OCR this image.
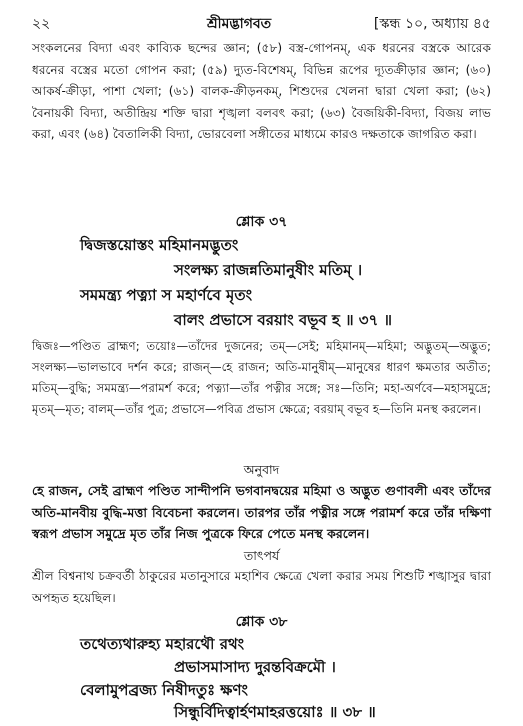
২২	শ্রীমদ্ভাগবত	[স্কন্ধ ১০, অধ্যায় ৪৫

সংকলনের বিদ্যা এবং কাব্যিক ছন্দের জ্ঞান; (৫৮) বস্ত্র-গোপনম্, এক ধরনের বস্ত্রকে আরেক ধরনের বস্ত্রের মতো গোপন করা; (৫৯) দ্যুত-বিশেষম্, বিভিন্ন রূপের দ্যূতক্রীড়ার জ্ঞান; (৬০) আকর্ষ-ক্রীড়া, পাশা খেলা; (৬১) বালক-ক্রীড়নকম্, শিশুদের খেলনা দ্বারা খেলা করা; (৬২) বৈনায়কী বিদ্যা, অতীন্দ্রিয় শক্তি দ্বারা শৃঙ্খলা বলবৎ করা; (৬৩) বৈজয়িকী-বিদ্যা, বিজয় লাভ করা, এবং (৬৪) বৈতালিকী বিদ্যা, ভোরবেলা সঙ্গীতের মাধ্যমে কারও দক্ষতাকে জাগরিত করা।

শ্লোক ৩৭
দ্বিজস্তয়োস্তং মহিমানমদ্ভুতং
সংলক্ষ্য রাজন্নতিমানুষীং মতিম্ ।
সমমন্ত্র্য পত্ন্যা স মহার্ণবে মৃতং
বালং প্রভাসে বরয়াং বভূব হ ॥ ৩৭ ॥

দ্বিজঃ—পণ্ডিত ব্রাহ্মণ; তয়োঃ—তাঁদের দুজনের; তম্—সেই; মহিমানম্—মহিমা; অদ্ভুতম্—অদ্ভুত; সংলক্ষ্য—ভালভাবে দর্শন করে; রাজন্—হে রাজন; অতি-মানুষীম্—মানুষের ধারণ ক্ষমতার অতীত; মতিম্—বুদ্ধি; সমমন্ত্র্য—পরামর্শ করে; পত্ন্যা—তাঁর পত্নীর সঙ্গে; সঃ—তিনি; মহা-অর্ণবে—মহাসমুদ্রে; মৃতম্—মৃত; বালম্—তাঁর পুত্র; প্রভাসে—পবিত্র প্রভাস ক্ষেত্রে; বরয়াম্ বভূব হ—তিনি মনস্থ করলেন।

অনুবাদ

হে রাজন, সেই ব্রাহ্মণ পণ্ডিত সান্দীপনি ভগবানদ্বয়ের মহিমা ও অদ্ভুত গুণাবলী এবং তাঁদের অতি-মানবীয় বুদ্ধি-মত্তা বিবেচনা করলেন। তারপর তাঁর পত্নীর সঙ্গে পরামর্শ করে তাঁর দক্ষিণা স্বরূপ প্রভাস সমুদ্রে মৃত তাঁর নিজ পুত্রকে ফিরে পেতে মনস্থ করলেন।

তাৎপর্য

শ্রীল বিশ্বনাথ চক্রবর্তী ঠাকুরের মতানুসারে মহাশিব ক্ষেত্রে খেলা করার সময় শিশুটি শঙ্খাসুর দ্বারা অপহৃত হয়েছিল।

শ্লোক ৩৮
তথেত্যথারুহ্য মহারথৌ রথং
প্রভাসমাসাদ্য দুরন্তবিক্রমৌ ।
বেলামুপব্রজ্য নিষীদতুঃ ক্ষণং
সিন্ধুর্বিদিত্বার্হণমাহরত্তয়োঃ ॥ ৩৮ ॥
